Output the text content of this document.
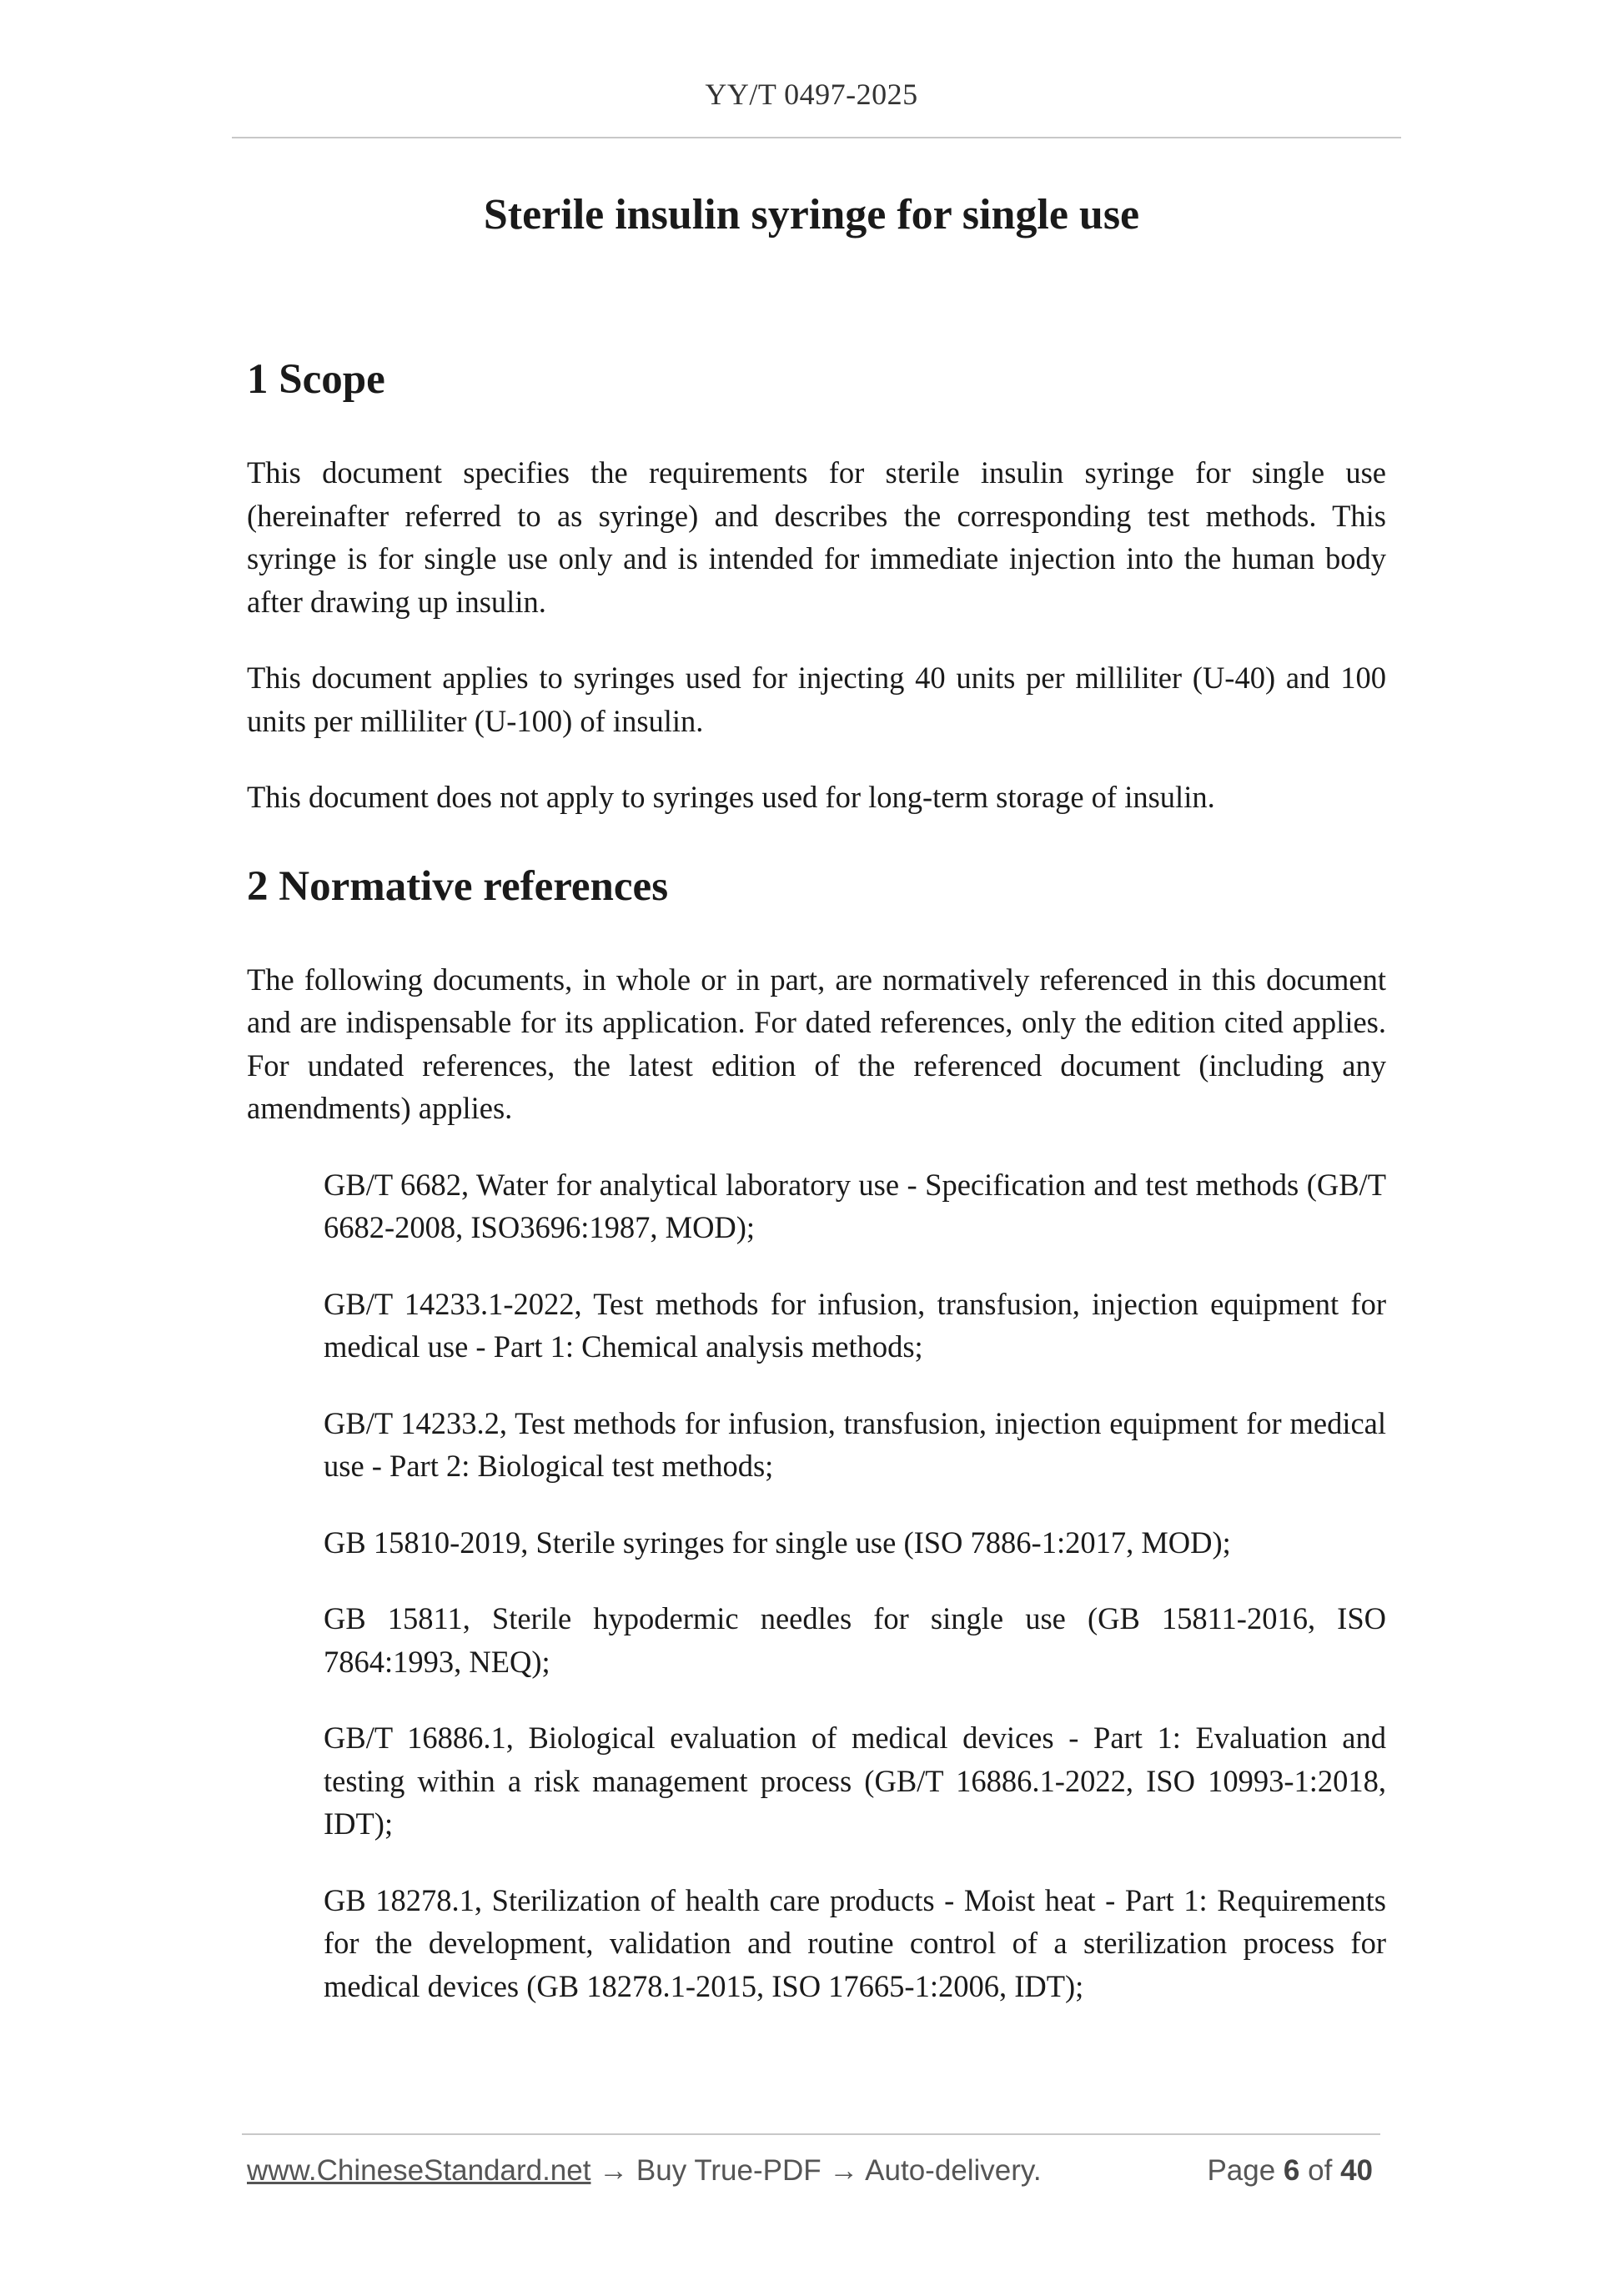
YY/T 0497-2025
Sterile insulin syringe for single use
1 Scope

This document specifies the requirements for sterile insulin syringe for single use (hereinafter referred to as syringe) and describes the corresponding test methods. This syringe is for single use only and is intended for immediate injection into the human body after drawing up insulin.

This document applies to syringes used for injecting 40 units per milliliter (U-40) and 100 units per milliliter (U-100) of insulin.

This document does not apply to syringes used for long-term storage of insulin.

2 Normative references

The following documents, in whole or in part, are normatively referenced in this document and are indispensable for its application. For dated references, only the edition cited applies. For undated references, the latest edition of the referenced document (including any amendments) applies.

GB/T 6682, Water for analytical laboratory use - Specification and test methods (GB/T 6682-2008, ISO3696:1987, MOD);

GB/T 14233.1-2022, Test methods for infusion, transfusion, injection equipment for medical use - Part 1: Chemical analysis methods;

GB/T 14233.2, Test methods for infusion, transfusion, injection equipment for medical use - Part 2: Biological test methods;

GB 15810-2019, Sterile syringes for single use (ISO 7886-1:2017, MOD);

GB 15811, Sterile hypodermic needles for single use (GB 15811-2016, ISO 7864:1993, NEQ);

GB/T 16886.1, Biological evaluation of medical devices - Part 1: Evaluation and testing within a risk management process (GB/T 16886.1-2022, ISO 10993-1:2018, IDT);

GB 18278.1, Sterilization of health care products - Moist heat - Part 1: Requirements for the development, validation and routine control of a sterilization process for medical devices (GB 18278.1-2015, ISO 17665-1:2006, IDT);

www.ChineseStandard.net → Buy True-PDF → Auto-delivery.	Page 6 of 40
